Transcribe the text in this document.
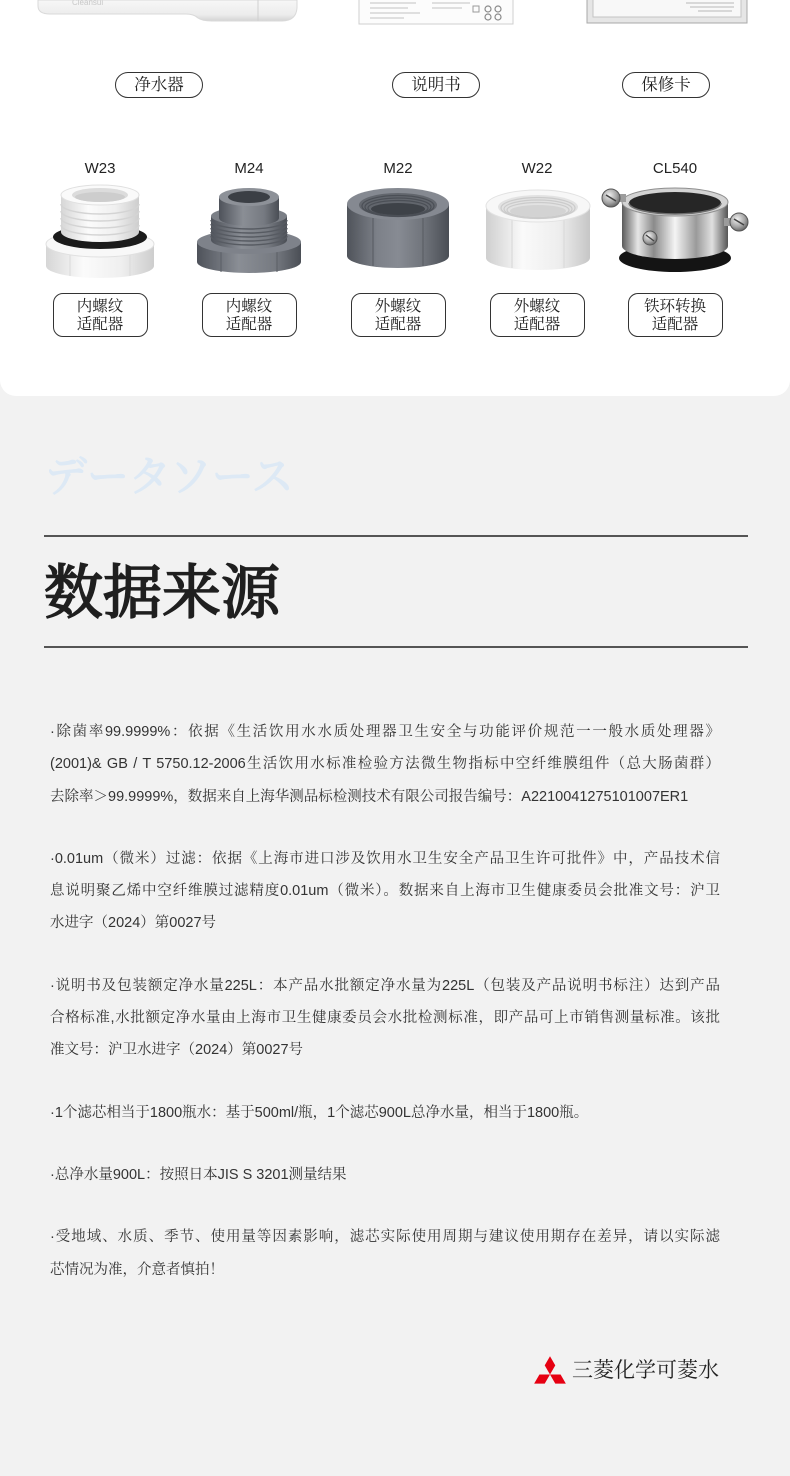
Cleansui
净水器	说明书	保修卡
W23
内螺纹
适配器
M24
内螺纹
适配器
M22
外螺纹
适配器
W22
外螺纹
适配器
CL540
铁环转换
适配器
データソース
数据来源

·除菌率99.9999%：依据《生活饮用水水质处理器卫生安全与功能评价规范一一般水质处理器》
(2001)& GB / T 5750.12-2006生活饮用水标准检验方法微生物指标中空纤维膜组件（总大肠菌群）
去除率＞99.9999%，数据来自上海华测品标检测技术有限公司报告编号：A2210041275101007ER1

·0.01um（微米）过滤：依据《上海市进口涉及饮用水卫生安全产品卫生许可批件》中，产品技术信
息说明聚乙烯中空纤维膜过滤精度0.01um（微米）。数据来自上海市卫生健康委员会批准文号：沪卫
水进字（2024）第0027号

·说明书及包装额定净水量225L：本产品水批额定净水量为225L（包装及产品说明书标注）达到产品
合格标准,水批额定净水量由上海市卫生健康委员会水批检测标准，即产品可上市销售测量标准。该批
准文号：沪卫水进字（2024）第0027号

·1个滤芯相当于1800瓶水：基于500ml/瓶，1个滤芯900L总净水量，相当于1800瓶。

·总净水量900L：按照日本JIS S 3201测量结果

·受地域、水质、季节、使用量等因素影响，滤芯实际使用周期与建议使用期存在差异，请以实际滤
芯情况为准，介意者慎拍！

三菱化学可菱水
